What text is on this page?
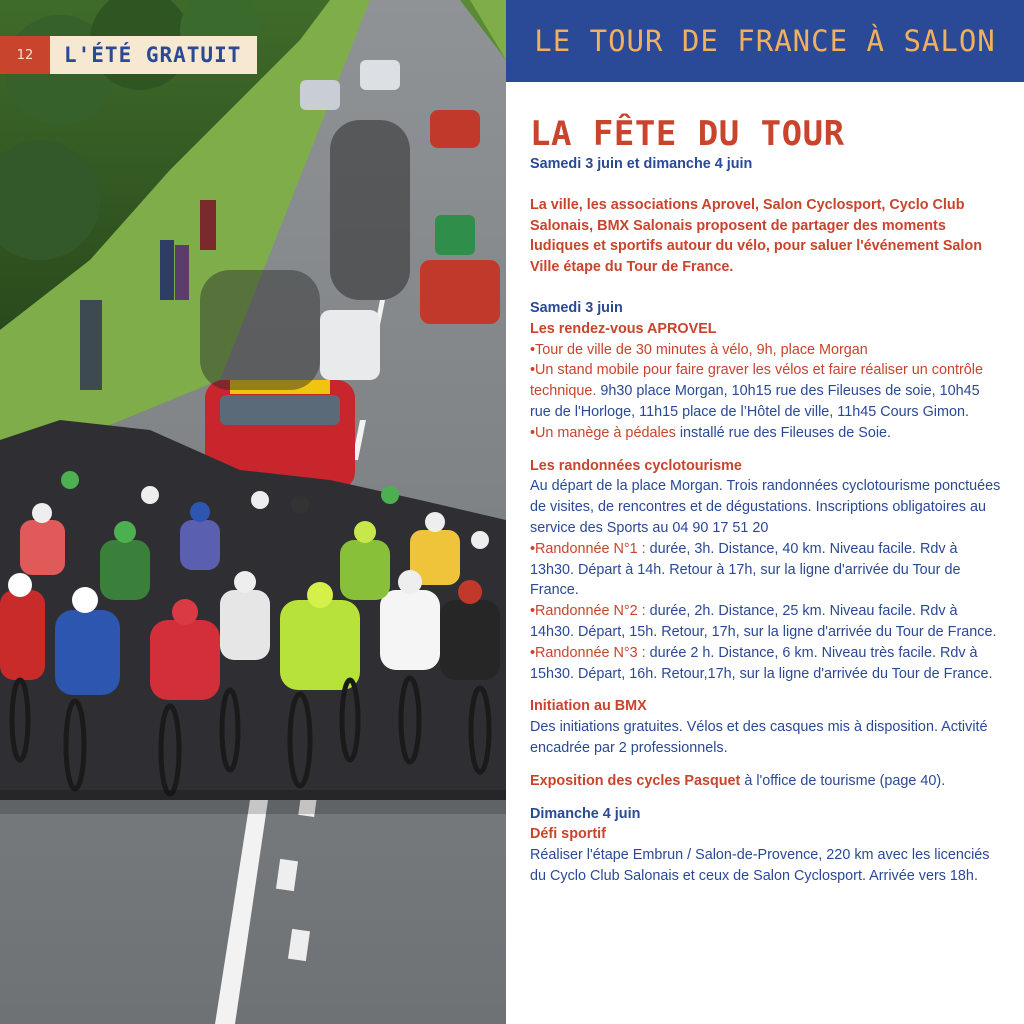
12	L'ÉTÉ GRATUIT	LE TOUR DE FRANCE À SALON
LA FÊTE DU TOUR
Samedi 3 juin et dimanche 4 juin
La ville, les associations Aprovel, Salon Cyclosport, Cyclo Club Salonais, BMX Salonais proposent de partager des moments ludiques et sportifs autour du vélo, pour saluer l'événement Salon Ville étape du Tour de France.
Samedi 3 juin
Les rendez-vous APROVEL
•Tour de ville de 30 minutes à vélo, 9h, place Morgan
•Un stand mobile pour faire graver les vélos et faire réaliser un contrôle technique. 9h30 place Morgan, 10h15 rue des Fileuses de soie, 10h45 rue de l'Horloge, 11h15 place de l’Hôtel de ville, 11h45 Cours Gimon.
•Un manège à pédales installé rue des Fileuses de Soie.
Les randonnées cyclotourisme
Au départ de la place Morgan. Trois randonnées cyclotourisme ponctuées de visites, de rencontres et de dégustations. Inscriptions obligatoires au service des Sports au 04 90 17 51 20
•Randonnée N°1 : durée, 3h. Distance, 40 km. Niveau facile. Rdv à 13h30. Départ à 14h. Retour à 17h, sur la ligne d'arrivée du Tour de France.
•Randonnée N°2 : durée, 2h. Distance, 25 km. Niveau facile. Rdv à 14h30. Départ, 15h. Retour, 17h, sur la ligne d'arrivée du Tour de France.
•Randonnée N°3 : durée 2 h. Distance, 6 km. Niveau très facile. Rdv à 15h30. Départ, 16h. Retour,17h, sur la ligne d'arrivée du Tour de France.
Initiation au BMX
Des initiations gratuites. Vélos et des casques mis à disposition. Activité encadrée par 2 professionnels.
Exposition des cycles Pasquet à l'office de tourisme (page 40).
Dimanche 4 juin
Défi sportif
Réaliser l'étape Embrun / Salon-de-Provence, 220 km avec les licenciés du Cyclo Club Salonais et ceux de Salon Cyclosport. Arrivée vers 18h.
